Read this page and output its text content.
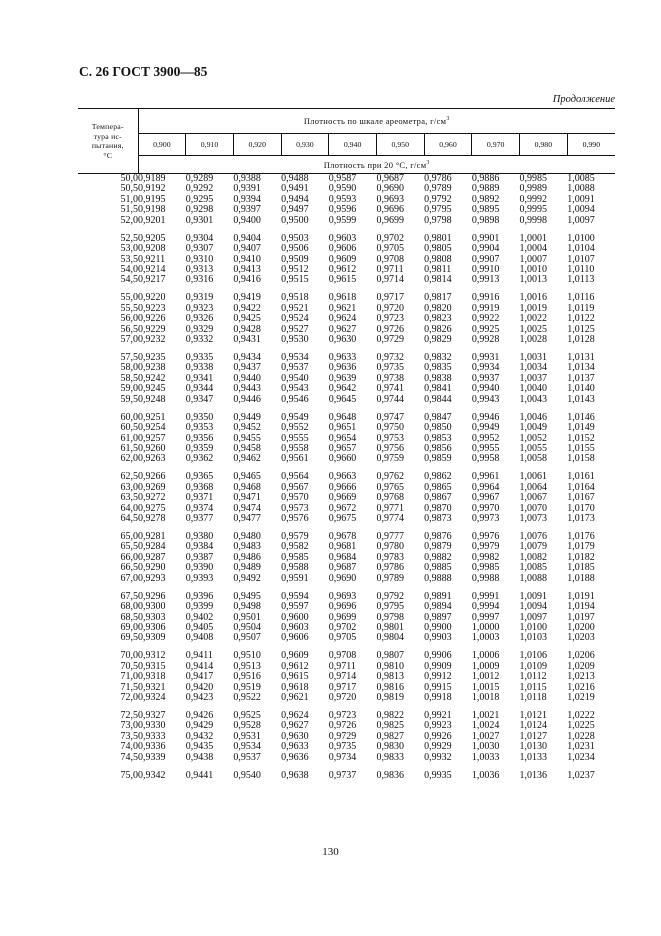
С. 26 ГОСТ 3900—85
Продолжение
Темпера-
тура ис-
пытания,
°С	Плотность по шкале ареометра, $г/см^3$
	0,900	0,910	0,920	0,930	0,940	0,950	0,960	0,970	0,980	0,990
	Плотность при 20 °С, $г/см^3$
50,0	0,9189	0,9289	0,9388	0,9488	0,9587	0,9687	0,9786	0,9886	0,9985	1,0085
50,5	0,9192	0,9292	0,9391	0,9491	0,9590	0,9690	0,9789	0,9889	0,9989	1,0088
51,0	0,9195	0,9295	0,9394	0,9494	0,9593	0,9693	0,9792	0,9892	0,9992	1,0091
51,5	0,9198	0,9298	0,9397	0,9497	0,9596	0,9696	0,9795	0,9895	0,9995	1,0094
52,0	0,9201	0,9301	0,9400	0,9500	0,9599	0,9699	0,9798	0,9898	0,9998	1,0097
52,5	0,9205	0,9304	0,9404	0,9503	0,9603	0,9702	0,9801	0,9901	1,0001	1,0100
53,0	0,9208	0,9307	0,9407	0,9506	0,9606	0,9705	0,9805	0,9904	1,0004	1,0104
53,5	0,9211	0,9310	0,9410	0,9509	0,9609	0,9708	0,9808	0,9907	1,0007	1,0107
54,0	0,9214	0,9313	0,9413	0,9512	0,9612	0,9711	0,9811	0,9910	1,0010	1,0110
54,5	0,9217	0,9316	0,9416	0,9515	0,9615	0,9714	0,9814	0,9913	1,0013	1,0113
55,0	0,9220	0,9319	0,9419	0,9518	0,9618	0,9717	0,9817	0,9916	1,0016	1,0116
55,5	0,9223	0,9323	0,9422	0,9521	0,9621	0,9720	0,9820	0,9919	1,0019	1,0119
56,0	0,9226	0,9326	0,9425	0,9524	0,9624	0,9723	0,9823	0,9922	1,0022	1,0122
56,5	0,9229	0,9329	0,9428	0,9527	0,9627	0,9726	0,9826	0,9925	1,0025	1,0125
57,0	0,9232	0,9332	0,9431	0,9530	0,9630	0,9729	0,9829	0,9928	1,0028	1,0128
57,5	0,9235	0,9335	0,9434	0,9534	0,9633	0,9732	0,9832	0,9931	1,0031	1,0131
58,0	0,9238	0,9338	0,9437	0,9537	0,9636	0,9735	0,9835	0,9934	1,0034	1,0134
58,5	0,9242	0,9341	0,9440	0,9540	0,9639	0,9738	0,9838	0,9937	1,0037	1,0137
59,0	0,9245	0,9344	0,9443	0,9543	0,9642	0,9741	0,9841	0,9940	1,0040	1,0140
59,5	0,9248	0,9347	0,9446	0,9546	0,9645	0,9744	0,9844	0,9943	1,0043	1,0143
60,0	0,9251	0,9350	0,9449	0,9549	0,9648	0,9747	0,9847	0,9946	1,0046	1,0146
60,5	0,9254	0,9353	0,9452	0,9552	0,9651	0,9750	0,9850	0,9949	1,0049	1,0149
61,0	0,9257	0,9356	0,9455	0,9555	0,9654	0,9753	0,9853	0,9952	1,0052	1,0152
61,5	0,9260	0,9359	0,9458	0,9558	0,9657	0,9756	0,9856	0,9955	1,0055	1,0155
62,0	0,9263	0,9362	0,9462	0,9561	0,9660	0,9759	0,9859	0,9958	1,0058	1,0158
62,5	0,9266	0,9365	0,9465	0,9564	0,9663	0,9762	0,9862	0,9961	1,0061	1,0161
63,0	0,9269	0,9368	0,9468	0,9567	0,9666	0,9765	0,9865	0,9964	1,0064	1,0164
63,5	0,9272	0,9371	0,9471	0,9570	0,9669	0,9768	0,9867	0,9967	1,0067	1,0167
64,0	0,9275	0,9374	0,9474	0,9573	0,9672	0,9771	0,9870	0,9970	1,0070	1,0170
64,5	0,9278	0,9377	0,9477	0,9576	0,9675	0,9774	0,9873	0,9973	1,0073	1,0173
65,0	0,9281	0,9380	0,9480	0,9579	0,9678	0,9777	0,9876	0,9976	1,0076	1,0176
65,5	0,9284	0,9384	0,9483	0,9582	0,9681	0,9780	0,9879	0,9979	1,0079	1,0179
66,0	0,9287	0,9387	0,9486	0,9585	0,9684	0,9783	0,9882	0,9982	1,0082	1,0182
66,5	0,9290	0,9390	0,9489	0,9588	0,9687	0,9786	0,9885	0,9985	1,0085	1,0185
67,0	0,9293	0,9393	0,9492	0,9591	0,9690	0,9789	0,9888	0,9988	1,0088	1,0188
67,5	0,9296	0,9396	0,9495	0,9594	0,9693	0,9792	0,9891	0,9991	1,0091	1,0191
68,0	0,9300	0,9399	0,9498	0,9597	0,9696	0,9795	0,9894	0,9994	1,0094	1,0194
68,5	0,9303	0,9402	0,9501	0,9600	0,9699	0,9798	0,9897	0,9997	1,0097	1,0197
69,0	0,9306	0,9405	0,9504	0,9603	0,9702	0,9801	0,9900	1,0000	1,0100	1,0200
69,5	0,9309	0,9408	0,9507	0,9606	0,9705	0,9804	0,9903	1,0003	1,0103	1,0203
70,0	0,9312	0,9411	0,9510	0,9609	0,9708	0,9807	0,9906	1,0006	1,0106	1,0206
70,5	0,9315	0,9414	0,9513	0,9612	0,9711	0,9810	0,9909	1,0009	1,0109	1,0209
71,0	0,9318	0,9417	0,9516	0,9615	0,9714	0,9813	0,9912	1,0012	1,0112	1,0213
71,5	0,9321	0,9420	0,9519	0,9618	0,9717	0,9816	0,9915	1,0015	1,0115	1,0216
72,0	0,9324	0,9423	0,9522	0,9621	0,9720	0,9819	0,9918	1,0018	1,0118	1,0219
72,5	0,9327	0,9426	0,9525	0,9624	0,9723	0,9822	0,9921	1,0021	1,0121	1,0222
73,0	0,9330	0,9429	0,9528	0,9627	0,9726	0,9825	0,9923	1,0024	1,0124	1,0225
73,5	0,9333	0,9432	0,9531	0,9630	0,9729	0,9827	0,9926	1,0027	1,0127	1,0228
74,0	0,9336	0,9435	0,9534	0,9633	0,9735	0,9830	0,9929	1,0030	1,0130	1,0231
74,5	0,9339	0,9438	0,9537	0,9636	0,9734	0,9833	0,9932	1,0033	1,0133	1,0234
75,0	0,9342	0,9441	0,9540	0,9638	0,9737	0,9836	0,9935	1,0036	1,0136	1,0237
130
